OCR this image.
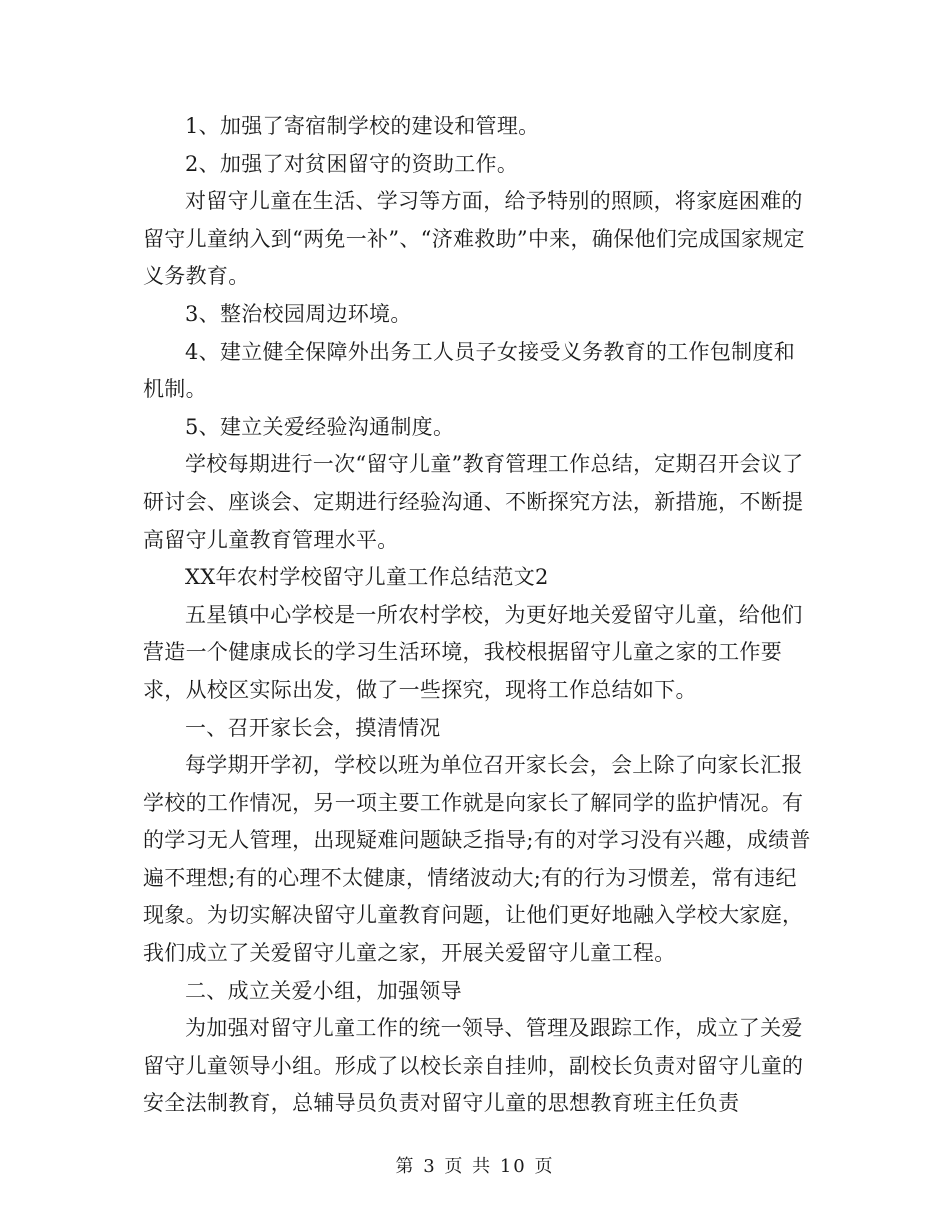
1、加强了寄宿制学校的建设和管理。

2、加强了对贫困留守的资助工作。

对留守儿童在生活、学习等方面，给予特别的照顾，将家庭困难的留守儿童纳入到“两免一补”、“济难救助”中来，确保他们完成国家规定义务教育。

3、整治校园周边环境。

4、建立健全保障外出务工人员子女接受义务教育的工作包制度和机制。

5、建立关爱经验沟通制度。

学校每期进行一次“留守儿童”教育管理工作总结，定期召开会议了研讨会、座谈会、定期进行经验沟通、不断探究方法，新措施，不断提高留守儿童教育管理水平。

XX年农村学校留守儿童工作总结范文2

五星镇中心学校是一所农村学校，为更好地关爱留守儿童，给他们营造一个健康成长的学习生活环境，我校根据留守儿童之家的工作要求，从校区实际出发，做了一些探究，现将工作总结如下。

一、召开家长会，摸清情况

每学期开学初，学校以班为单位召开家长会，会上除了向家长汇报学校的工作情况，另一项主要工作就是向家长了解同学的监护情况。有的学习无人管理，出现疑难问题缺乏指导;有的对学习没有兴趣，成绩普遍不理想;有的心理不太健康，情绪波动大;有的行为习惯差，常有违纪现象。为切实解决留守儿童教育问题，让他们更好地融入学校大家庭，我们成立了关爱留守儿童之家，开展关爱留守儿童工程。

二、成立关爱小组，加强领导

为加强对留守儿童工作的统一领导、管理及跟踪工作，成立了关爱留守儿童领导小组。形成了以校长亲自挂帅，副校长负责对留守儿童的安全法制教育，总辅导员负责对留守儿童的思想教育班主任负责

第 3 页 共 10 页
